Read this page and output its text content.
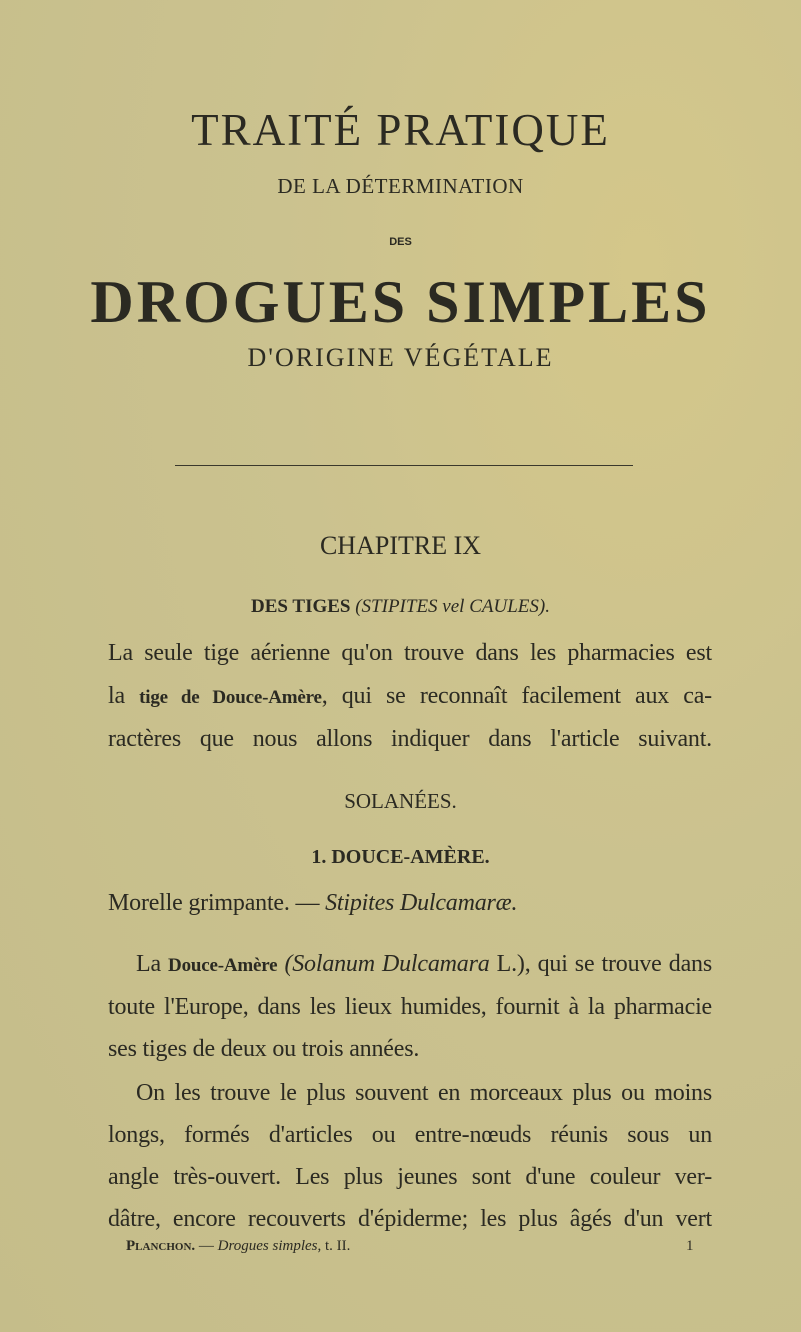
TRAITÉ PRATIQUE
DE LA DÉTERMINATION
DES
DROGUES SIMPLES
D'ORIGINE VÉGÉTALE
CHAPITRE IX
DES TIGES (STIPITES vel CAULES).
La seule tige aérienne qu'on trouve dans les pharmacies est
la tige de Douce-Amère, qui se reconnaît facilement aux ca-
ractères que nous allons indiquer dans l'article suivant.
SOLANÉES.
1. DOUCE-AMÈRE.
Morelle grimpante. — Stipites Dulcamaræ.
La Douce-Amère (Solanum Dulcamara L.), qui se trouve dans
toute l'Europe, dans les lieux humides, fournit à la pharmacie
ses tiges de deux ou trois années.
On les trouve le plus souvent en morceaux plus ou moins
longs, formés d'articles ou entre-nœuds réunis sous un
angle très-ouvert. Les plus jeunes sont d'une couleur ver-
dâtre, encore recouverts d'épiderme; les plus âgés d'un vert
Planchon. — Drogues simples, t. II.	1
